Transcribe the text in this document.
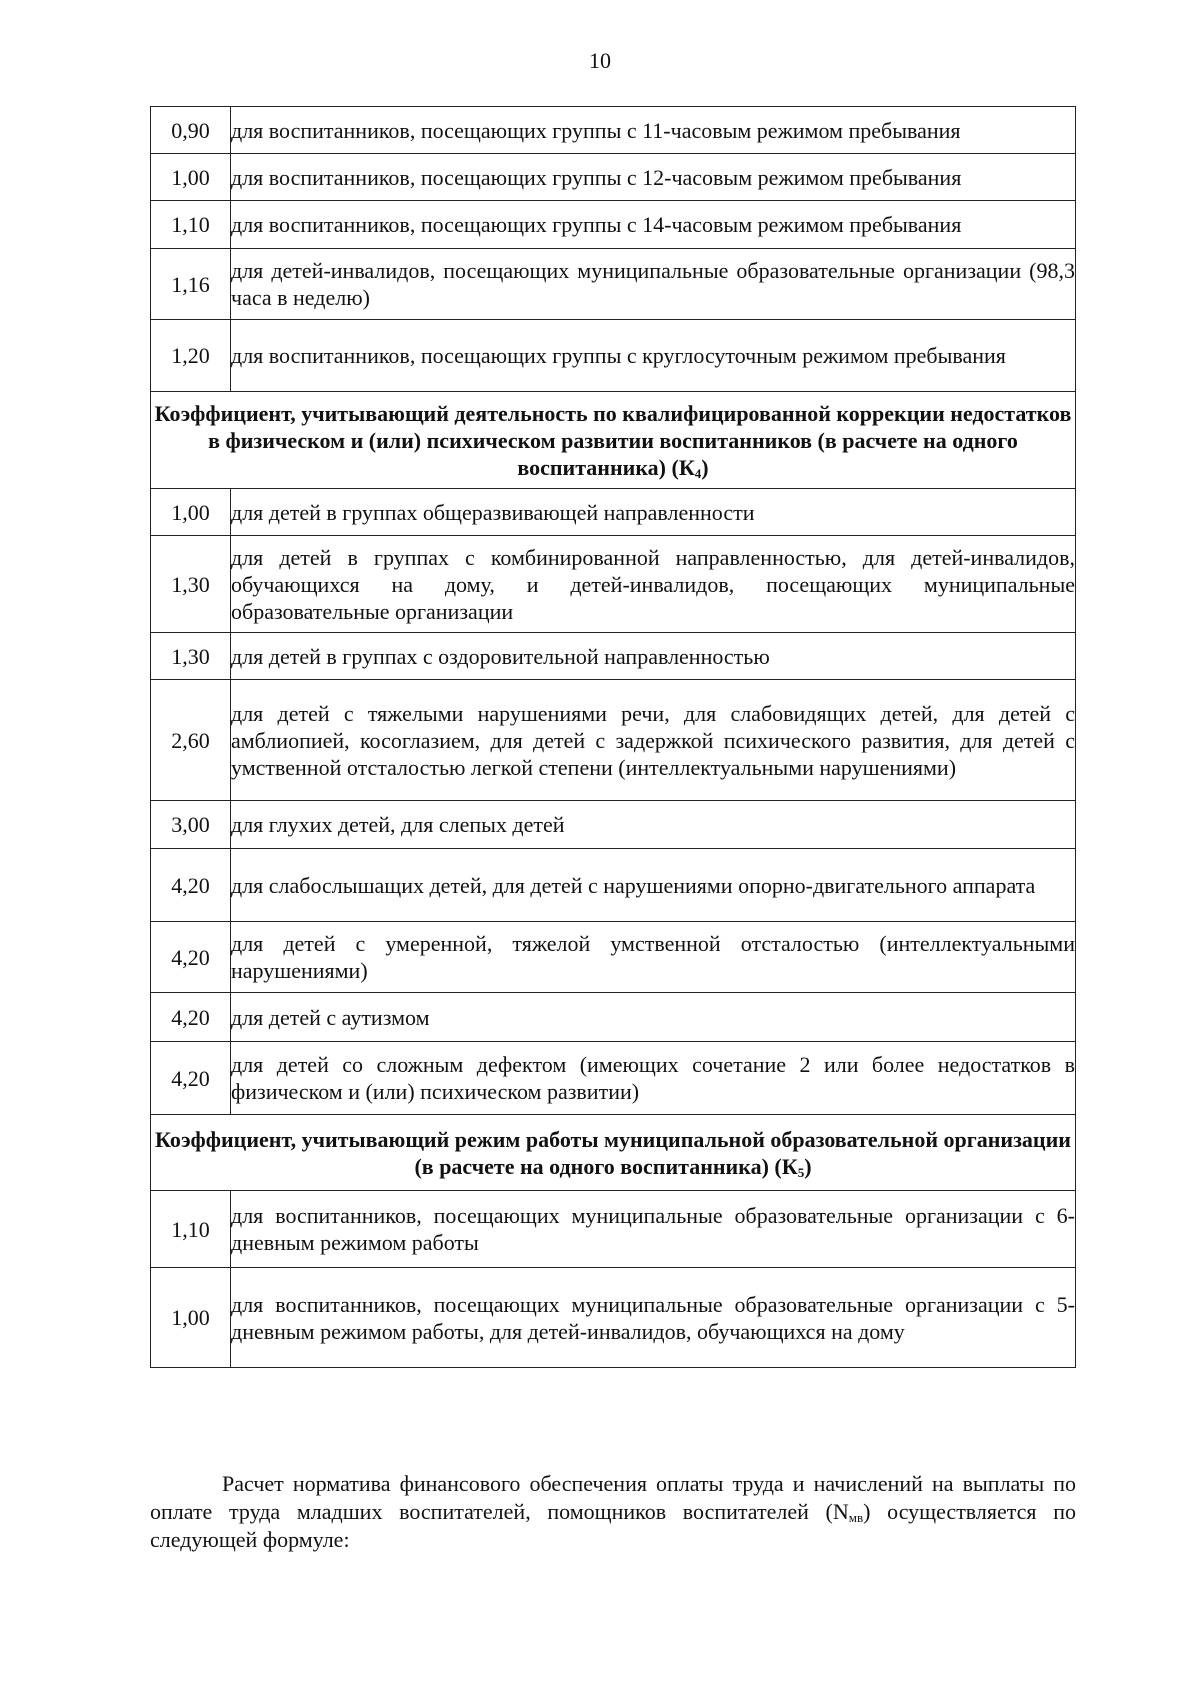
10
0,90	для воспитанников, посещающих группы с 11-часовым режимом пребывания
1,00	для воспитанников, посещающих группы с 12-часовым режимом пребывания
1,10	для воспитанников, посещающих группы с 14-часовым режимом пребывания
1,16	для детей-инвалидов, посещающих муниципальные образовательные организации (98,3 часа в неделю)
1,20	для воспитанников, посещающих группы с круглосуточным режимом пребывания
Коэффициент, учитывающий деятельность по квалифицированной коррекции недостатков в физическом и (или) психическом развитии воспитанников (в расчете на одного воспитанника) $(К_4)$	
1,00	для детей в группах общеразвивающей направленности
1,30	для детей в группах с комбинированной направленностью, для детей-инвалидов, обучающихся на дому, и детей-инвалидов, посещающих муниципальные образовательные организации
1,30	для детей в группах с оздоровительной направленностью
2,60	для детей с тяжелыми нарушениями речи, для слабовидящих детей, для детей с амблиопией, косоглазием, для детей с задержкой психического развития, для детей с умственной отсталостью легкой степени (интеллектуальными нарушениями)
3,00	для глухих детей, для слепых детей
4,20	для слабослышащих детей, для детей с нарушениями опорно-двигательного аппарата
4,20	для детей с умеренной, тяжелой умственной отсталостью (интеллектуальными нарушениями)
4,20	для детей с аутизмом
4,20	для детей со сложным дефектом (имеющих сочетание 2 или более недостатков в физическом и (или) психическом развитии)
Коэффициент, учитывающий режим работы муниципальной образовательной организации (в расчете на одного воспитанника) $(К_5)$	
1,10	для воспитанников, посещающих муниципальные образовательные организации с 6-дневным режимом работы
1,00	для воспитанников, посещающих муниципальные образовательные организации с 5-дневным режимом работы, для детей-инвалидов, обучающихся на дому
Расчет норматива финансового обеспечения оплаты труда и начислений на выплаты по оплате труда младших воспитателей, помощников воспитателей $(N_{мв})$ осуществляется по следующей формуле:
